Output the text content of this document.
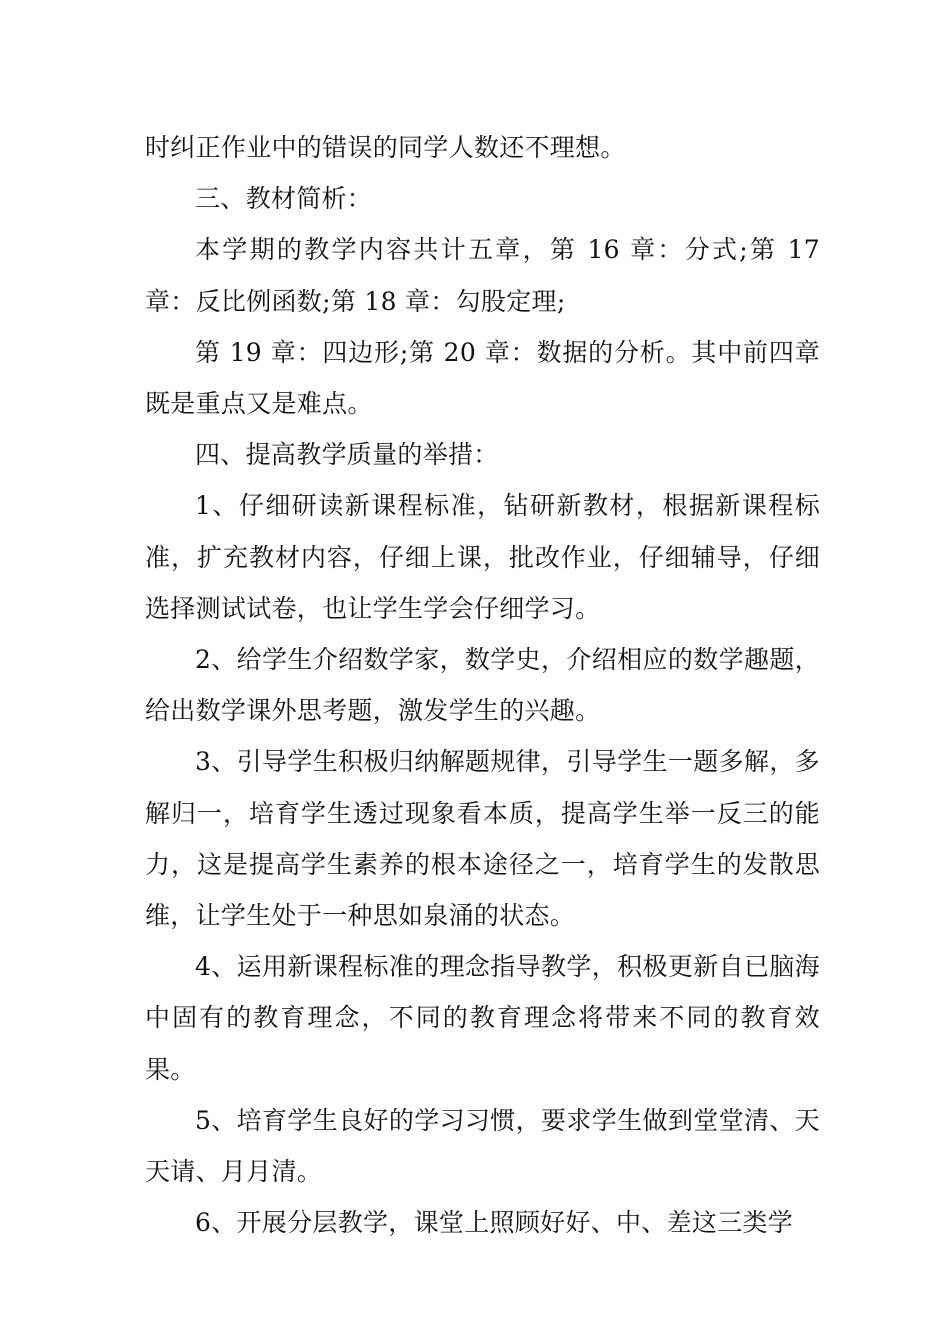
时纠正作业中的错误的同学人数还不理想。

三、教材简析：

本学期的教学内容共计五章，第 16 章：分式;第 17 章：反比例函数;第 18 章：勾股定理;

第 19 章：四边形;第 20 章：数据的分析。其中前四章既是重点又是难点。

四、提高教学质量的举措：

1、仔细研读新课程标准，钻研新教材，根据新课程标准，扩充教材内容，仔细上课，批改作业，仔细辅导，仔细选择测试试卷，也让学生学会仔细学习。

2、给学生介绍数学家，数学史，介绍相应的数学趣题，给出数学课外思考题，激发学生的兴趣。

3、引导学生积极归纳解题规律，引导学生一题多解，多解归一，培育学生透过现象看本质，提高学生举一反三的能力，这是提高学生素养的根本途径之一，培育学生的发散思维，让学生处于一种思如泉涌的状态。

4、运用新课程标准的理念指导教学，积极更新自已脑海中固有的教育理念，不同的教育理念将带来不同的教育效果。

5、培育学生良好的学习习惯，要求学生做到堂堂清、天天请、月月清。

6、开展分层教学，课堂上照顾好好、中、差这三类学
